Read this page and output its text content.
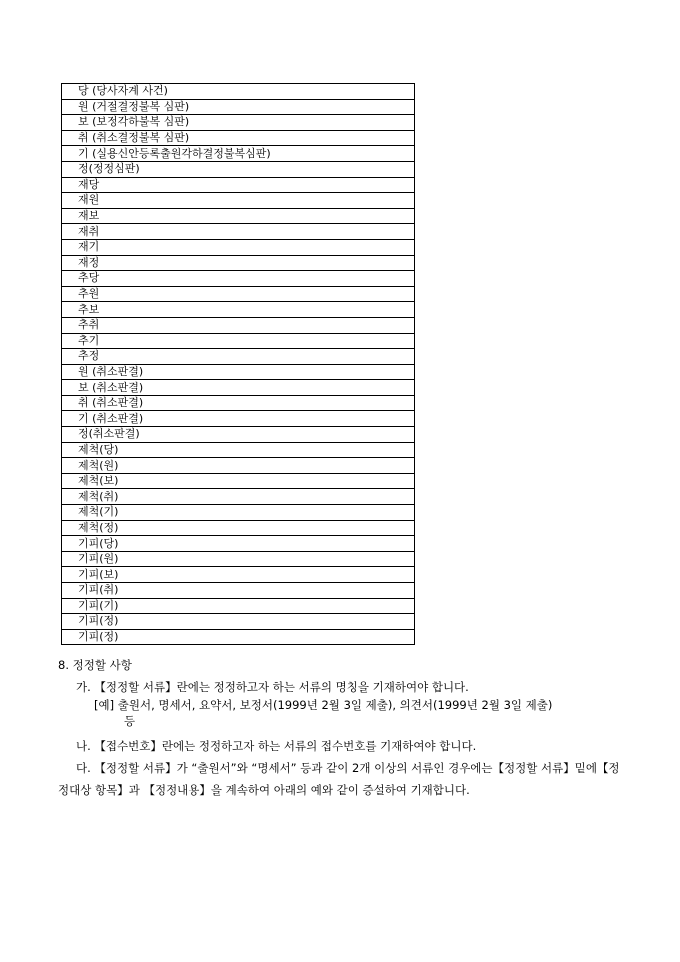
당 (당사자계 사건)
원 (거절결정불복 심판)
보 (보정각하불복 심판)
취 (취소결정불복 심판)
기 (실용신안등록출원각하결정불복심판)
정(정정심판)
재당
재원
재보
재취
재기
재정
추당
추원
추보
추취
추기
추정
원 (취소판결)
보 (취소판결)
취 (취소판결)
기 (취소판결)
정(취소판결)
제척(당)
제척(원)
제척(보)
제척(취)
제척(기)
제척(정)
기피(당)
기피(원)
기피(보)
기피(취)
기피(기)
기피(정)
기피(정)
8. 정정할 사항
가. 【정정할 서류】란에는 정정하고자 하는 서류의 명칭을 기재하여야 합니다.
[예] 출원서, 명세서, 요약서, 보정서(1999년 2월 3일 제출), 의견서(1999년 2월 3일 제출)
등
나. 【접수번호】란에는 정정하고자 하는 서류의 접수번호를 기재하여야 합니다.
다. 【정정할 서류】가 “출원서”와 “명세서” 등과 같이 2개 이상의 서류인 경우에는【정정할 서류】밑에【정정대상 항목】과 【정정내용】을 계속하여 아래의 예와 같이 증설하여 기재합니다.
